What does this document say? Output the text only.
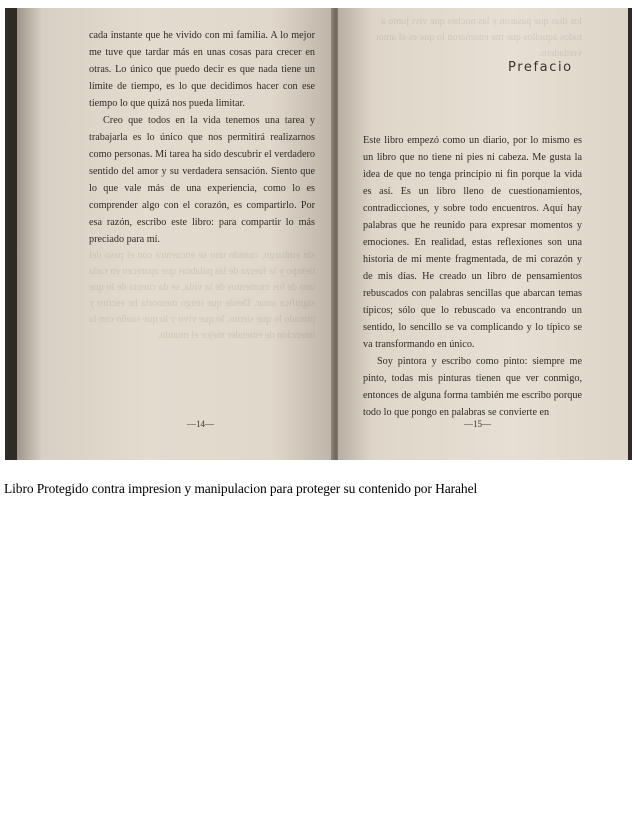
sin embargo, cuando uno se encuentra con el paso del tiempo y la fuerza de las palabras que aparecen en cada uno de los momentos de la vida, se da cuenta de lo que significa amar. Desde que tengo memoria he escrito y pintado lo que siento, lo que vivo y lo que sueño con la intención de entender mejor el mundo.

cada instante que he vivido con mi familia. A lo mejor me tuve que tardar más en unas cosas para crecer en otras. Lo único que puedo decir es que nada tiene un límite de tiempo, es lo que decidimos hacer con ese tiempo lo que quizá nos pueda limitar.

Creo que todos en la vida tenemos una tarea y trabajarla es lo único que nos permitirá realizarnos como personas. Mi tarea ha sido descubrir el verdadero sentido del amor y su verdadera sensación. Siento que lo que vale más de una experiencia, como lo es comprender algo con el corazón, es compartirlo. Por esa razón, escribo este libro: para compartir lo más preciado para mí.

—14—
los días que pasaron y las noches que viví junto a todos aquellos que me enseñaron lo que es el amor verdadero.
Prefacio

Este libro empezó como un diario, por lo mismo es un libro que no tiene ni pies ni cabeza. Me gusta la idea de que no tenga principio ni fin porque la vida es así. Es un libro lleno de cuestionamientos, contradicciones, y sobre todo encuentros. Aquí hay palabras que he reunido para expresar momentos y emociones. En realidad, estas reflexiones son una historia de mi mente fragmentada, de mi corazón y de mis días. He creado un libro de pensamientos rebuscados con palabras sencillas que abarcan temas típicos; sólo que lo rebuscado va encontrando un sentido, lo sencillo se va complicando y lo típico se va transformando en único.

Soy pintora y escribo como pinto: siempre me pinto, todas mis pinturas tienen que ver conmigo, entonces de alguna forma también me escribo porque todo lo que pongo en palabras se convierte en

—15—
Libro Protegido contra impresion y manipulacion para proteger su contenido por Harahel
